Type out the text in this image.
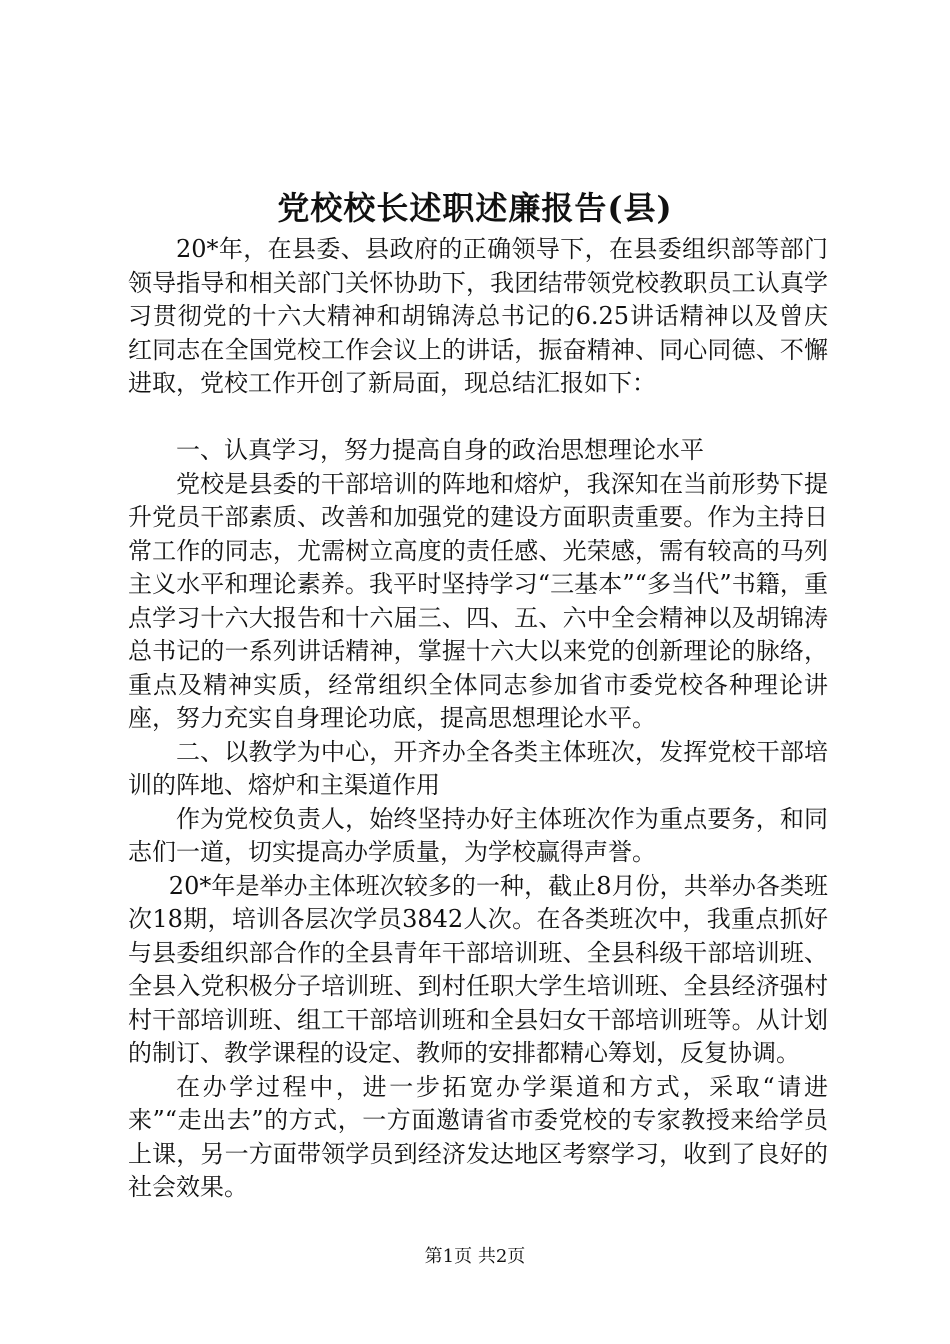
党校校长述职述廉报告(县)

20*年，在县委、县政府的正确领导下，在县委组织部等部门领导指导和相关部门关怀协助下，我团结带领党校教职员工认真学习贯彻党的十六大精神和胡锦涛总书记的6.25讲话精神以及曾庆红同志在全国党校工作会议上的讲话，振奋精神、同心同德、不懈进取，党校工作开创了新局面，现总结汇报如下：

一、认真学习，努力提高自身的政治思想理论水平

党校是县委的干部培训的阵地和熔炉，我深知在当前形势下提升党员干部素质、改善和加强党的建设方面职责重要。作为主持日常工作的同志，尤需树立高度的责任感、光荣感，需有较高的马列主义水平和理论素养。我平时坚持学习“三基本”“多当代”书籍，重点学习十六大报告和十六届三、四、五、六中全会精神以及胡锦涛总书记的一系列讲话精神，掌握十六大以来党的创新理论的脉络，重点及精神实质，经常组织全体同志参加省市委党校各种理论讲座，努力充实自身理论功底，提高思想理论水平。

二、以教学为中心，开齐办全各类主体班次，发挥党校干部培训的阵地、熔炉和主渠道作用

作为党校负责人，始终坚持办好主体班次作为重点要务，和同志们一道，切实提高办学质量，为学校赢得声誉。

20*年是举办主体班次较多的一种，截止8月份，共举办各类班次18期，培训各层次学员3842人次。在各类班次中，我重点抓好与县委组织部合作的全县青年干部培训班、全县科级干部培训班、全县入党积极分子培训班、到村任职大学生培训班、全县经济强村村干部培训班、组工干部培训班和全县妇女干部培训班等。从计划的制订、教学课程的设定、教师的安排都精心筹划，反复协调。

在办学过程中，进一步拓宽办学渠道和方式，采取“请进来”“走出去”的方式，一方面邀请省市委党校的专家教授来给学员上课，另一方面带领学员到经济发达地区考察学习，收到了良好的社会效果。

第1页 共2页
